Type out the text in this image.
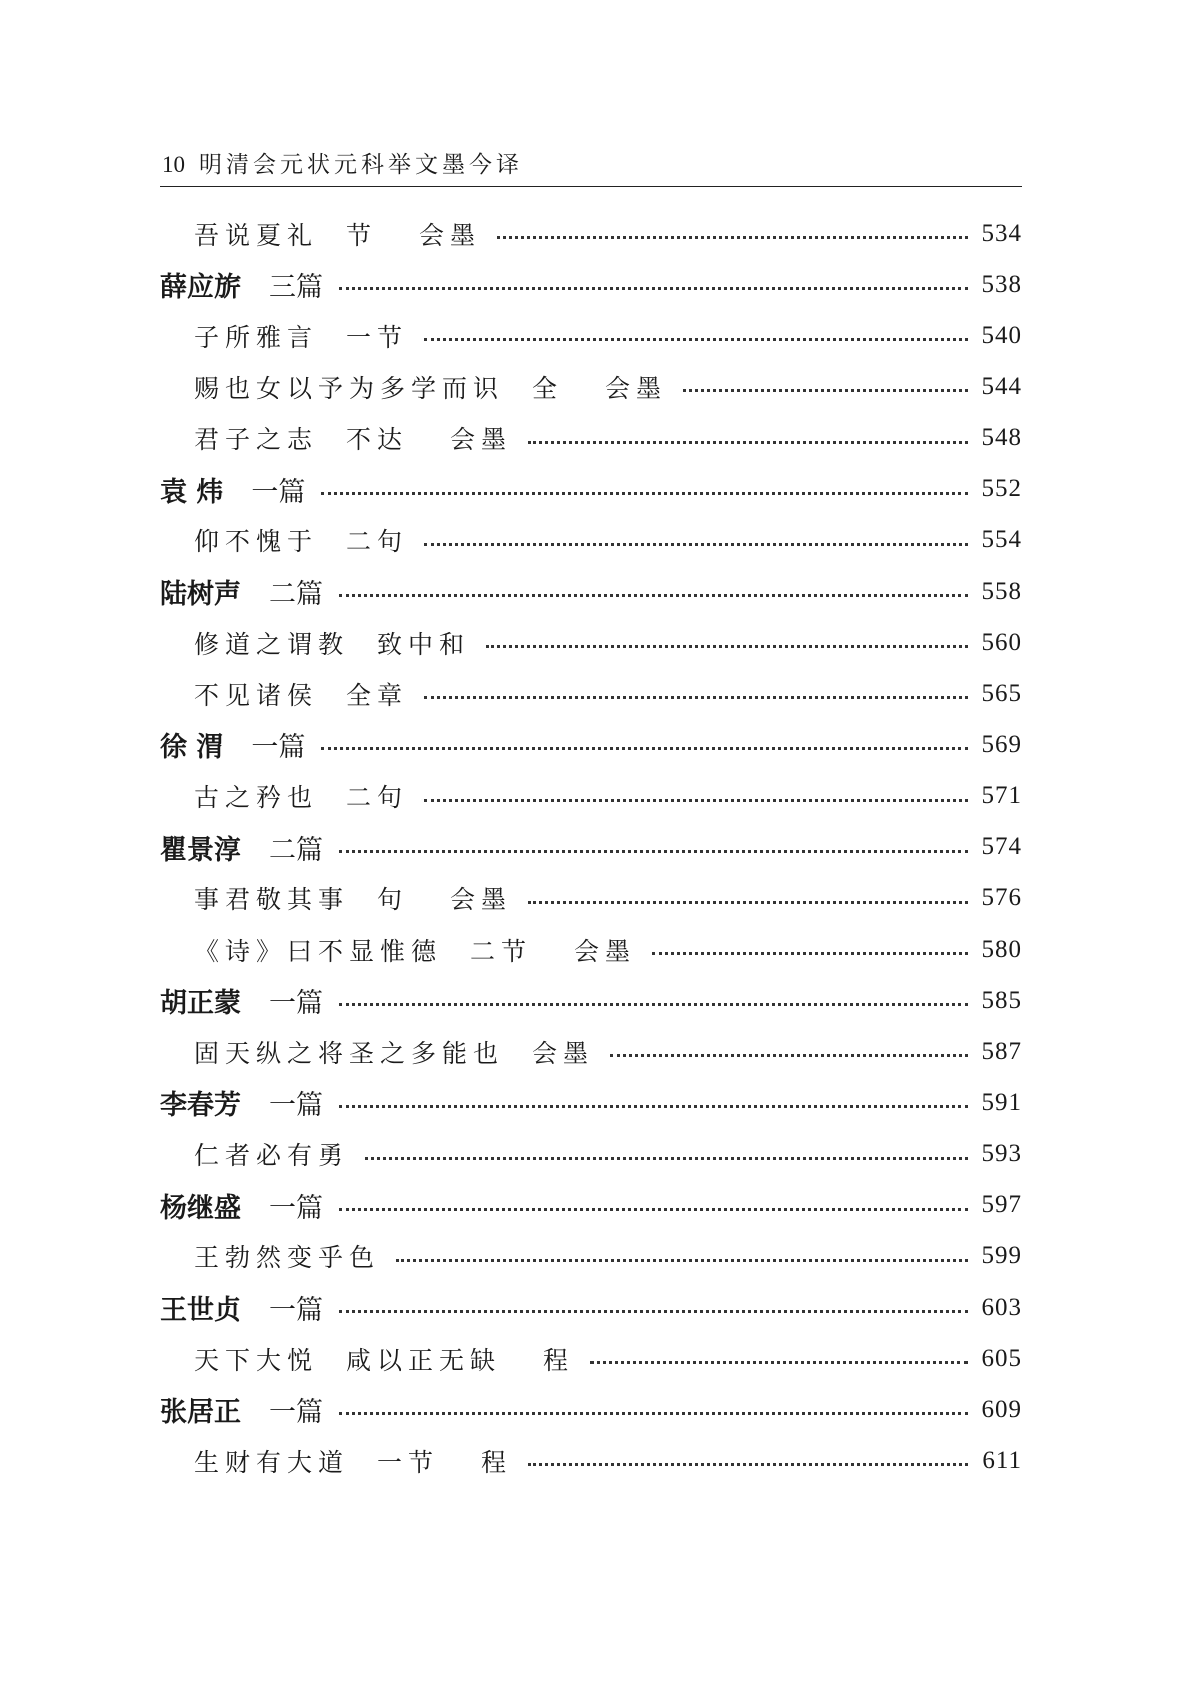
10 明清会元状元科举文墨今译
吾说夏礼 节 会墨	534
薛应旂 三篇	538
子所雅言 一节	540
赐也女以予为多学而识 全 会墨	544
君子之志 不达 会墨	548
袁 炜 一篇	552
仰不愧于 二句	554
陆树声 二篇	558
修道之谓教 致中和	560
不见诸侯 全章	565
徐 渭 一篇	569
古之矜也 二句	571
瞿景淳 二篇	574
事君敬其事 句 会墨	576
《诗》曰不显惟德 二节 会墨	580
胡正蒙 一篇	585
固天纵之将圣之多能也 会墨	587
李春芳 一篇	591
仁者必有勇	593
杨继盛 一篇	597
王勃然变乎色	599
王世贞 一篇	603
天下大悦 咸以正无缺 程	605
张居正 一篇	609
生财有大道 一节 程	611
